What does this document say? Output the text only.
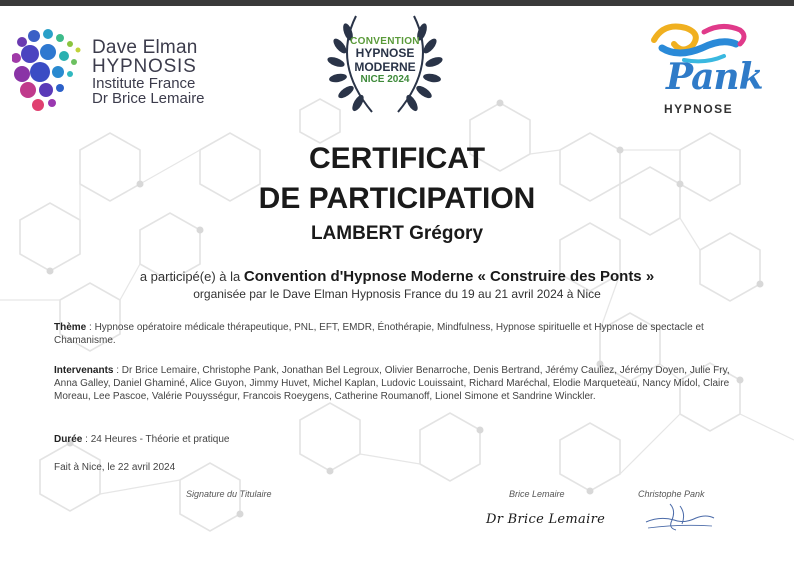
Dave Elman
HYPNOSIS
Institute France
Dr Brice Lemaire
CONVENTION
HYPNOSE
MODERNE
NICE 2024	Pank
HYPNOSE
CERTIFICAT
DE PARTICIPATION
LAMBERT Grégory
a participé(e) à la Convention d'Hypnose Moderne « Construire des Ponts »
organisée par le Dave Elman Hypnosis France du 19 au 21 avril 2024 à Nice
Thème : Hypnose opératoire médicale thérapeutique, PNL, EFT, EMDR, Énothérapie, Mindfulness, Hypnose spirituelle et Hypnose de spectacle et Chamanisme.
Intervenants : Dr Brice Lemaire, Christophe Pank, Jonathan Bel Legroux, Olivier Benarroche, Denis Bertrand, Jérémy Cauliez, Jérémy Doyen, Julie Fry, Anna Galley, Daniel Ghaminé, Alice Guyon, Jimmy Huvet, Michel Kaplan, Ludovic Louissaint, Richard Maréchal, Elodie Marqueteau, Nancy Midol, Claire Moreau, Lee Pascoe, Valérie Pouysségur, Francois Roeygens, Catherine Roumanoff, Lionel Simone et Sandrine Winckler.
Durée : 24 Heures - Théorie et pratique
Fait à Nice, le 22 avril 2024
Signature du Titulaire	Brice Lemaire	Christophe Pank
Dr Brice Lemaire
